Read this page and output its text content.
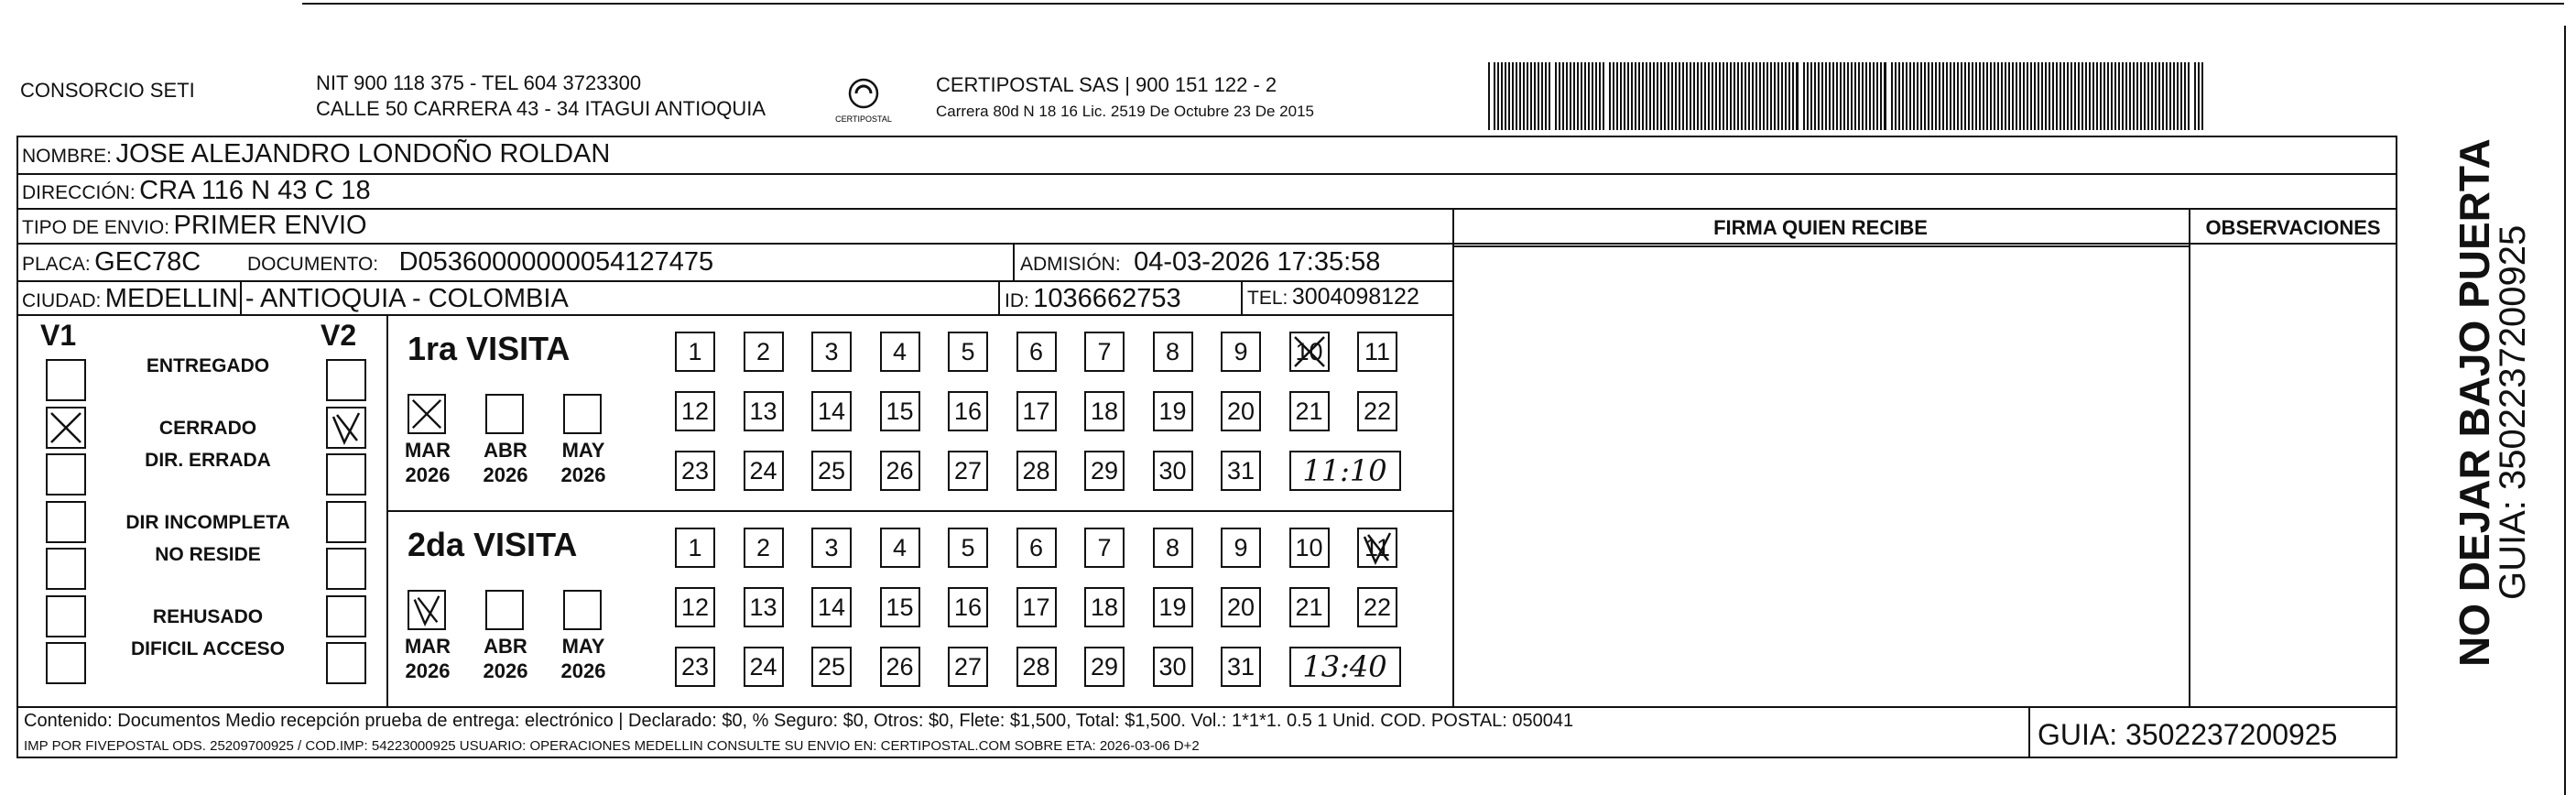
CONSORCIO SETI	NIT 900 118 375 - TEL 604 3723300
CALLE 50 CARRERA 43 - 34 ITAGUI ANTIOQUIA	CERTIPOSTAL
CERTIPOSTAL SAS | 900 151 122 - 2
Carrera 80d N 18 16 Lic. 2519 De Octubre 23 De 2015
NOMBRE: JOSE ALEJANDRO LONDOÑO ROLDAN
DIRECCIÓN: CRA 116 N 43 C 18
TIPO DE ENVIO: PRIMER ENVIO
PLACA: GEC78C DOCUMENTO: D05360000000054127475	ADMISIÓN: 04-03-2026 17:35:58
CIUDAD: MEDELLIN - ANTIOQUIA - COLOMBIA	ID: 1036662753	TEL: 3004098122
FIRMA QUIEN RECIBE	OBSERVACIONES
V1	V2
ENTREGADO
CERRADO
DIR. ERRADA
DIR INCOMPLETA
NO RESIDE
REHUSADO
DIFICIL ACCESO
1ra VISITA
MAR
2026
ABR
2026
MAY
2026
1	2	3	4	5	6	7	8	9	10 11
12 13 14 15 16 17 18 19 20 21 22
23 24 25 26 27 28 29 30 31	11:10
2da VISITA
MAR
2026
ABR
2026
MAY
2026
1	2	3	4	5	6	7	8	9	10 11
12 13 14 15 16 17 18 19 20 21 22
23 24 25 26 27 28 29 30 31	13:40
Contenido: Documentos Medio recepción prueba de entrega: electrónico | Declarado: $0, % Seguro: $0, Otros: $0, Flete: $1,500, Total: $1,500. Vol.: 1*1*1. 0.5 1 Unid. COD. POSTAL: 050041
IMP POR FIVEPOSTAL ODS. 25209700925 / COD.IMP: 54223000925 USUARIO: OPERACIONES MEDELLIN CONSULTE SU ENVIO EN: CERTIPOSTAL.COM SOBRE ETA: 2026-03-06 D+2	GUIA: 3502237200925
NO DEJAR BAJO PUERTA
GUIA: 3502237200925
